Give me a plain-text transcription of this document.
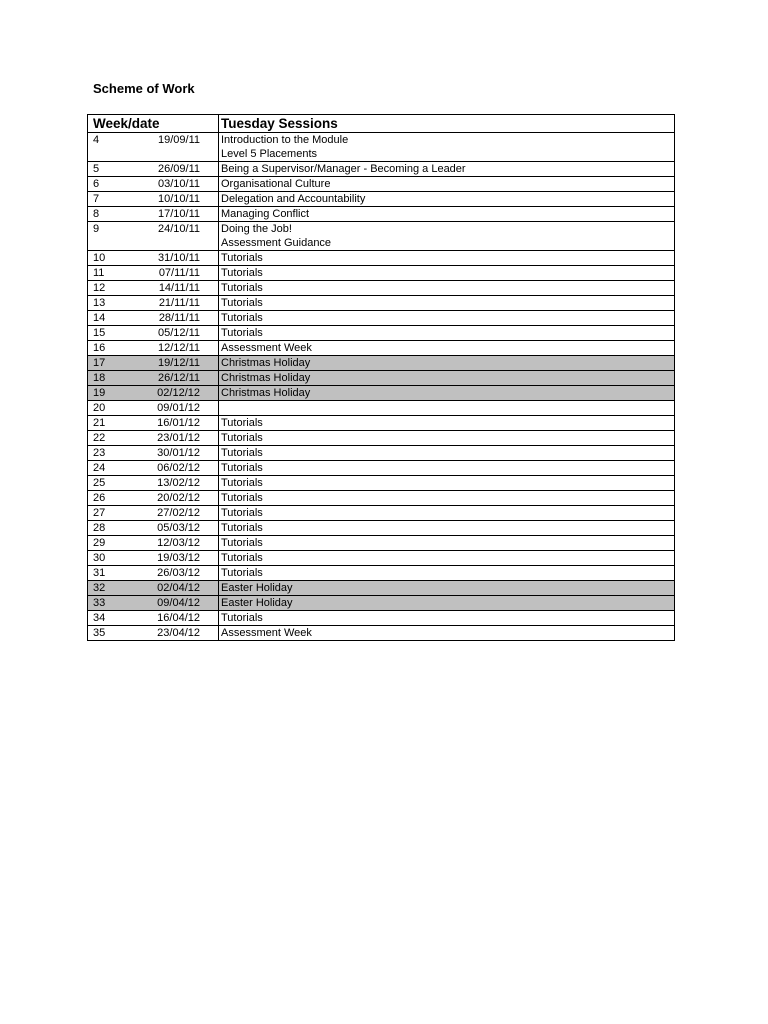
Scheme of Work
Week/date		Tuesday Sessions
4	19/09/11	Introduction to the Module
Level 5 Placements

5	26/09/11	Being a Supervisor/Manager - Becoming a Leader

6	03/10/11	Organisational Culture

7	10/10/11	Delegation and Accountability

8	17/10/11	Managing Conflict

9	24/10/11	Doing the Job!
Assessment Guidance

10	31/10/11	Tutorials

11	07/11/11	Tutorials

12	14/11/11	Tutorials

13	21/11/11	Tutorials

14	28/11/11	Tutorials

15	05/12/11	Tutorials

16	12/12/11	Assessment Week

17	19/12/11	Christmas Holiday

18	26/12/11	Christmas Holiday

19	02/12/12	Christmas Holiday

20	09/01/12	

21	16/01/12	Tutorials

22	23/01/12	Tutorials

23	30/01/12	Tutorials

24	06/02/12	Tutorials

25	13/02/12	Tutorials

26	20/02/12	Tutorials

27	27/02/12	Tutorials

28	05/03/12	Tutorials

29	12/03/12	Tutorials

30	19/03/12	Tutorials

31	26/03/12	Tutorials

32	02/04/12	Easter Holiday

33	09/04/12	Easter Holiday

34	16/04/12	Tutorials

35	23/04/12	Assessment Week
